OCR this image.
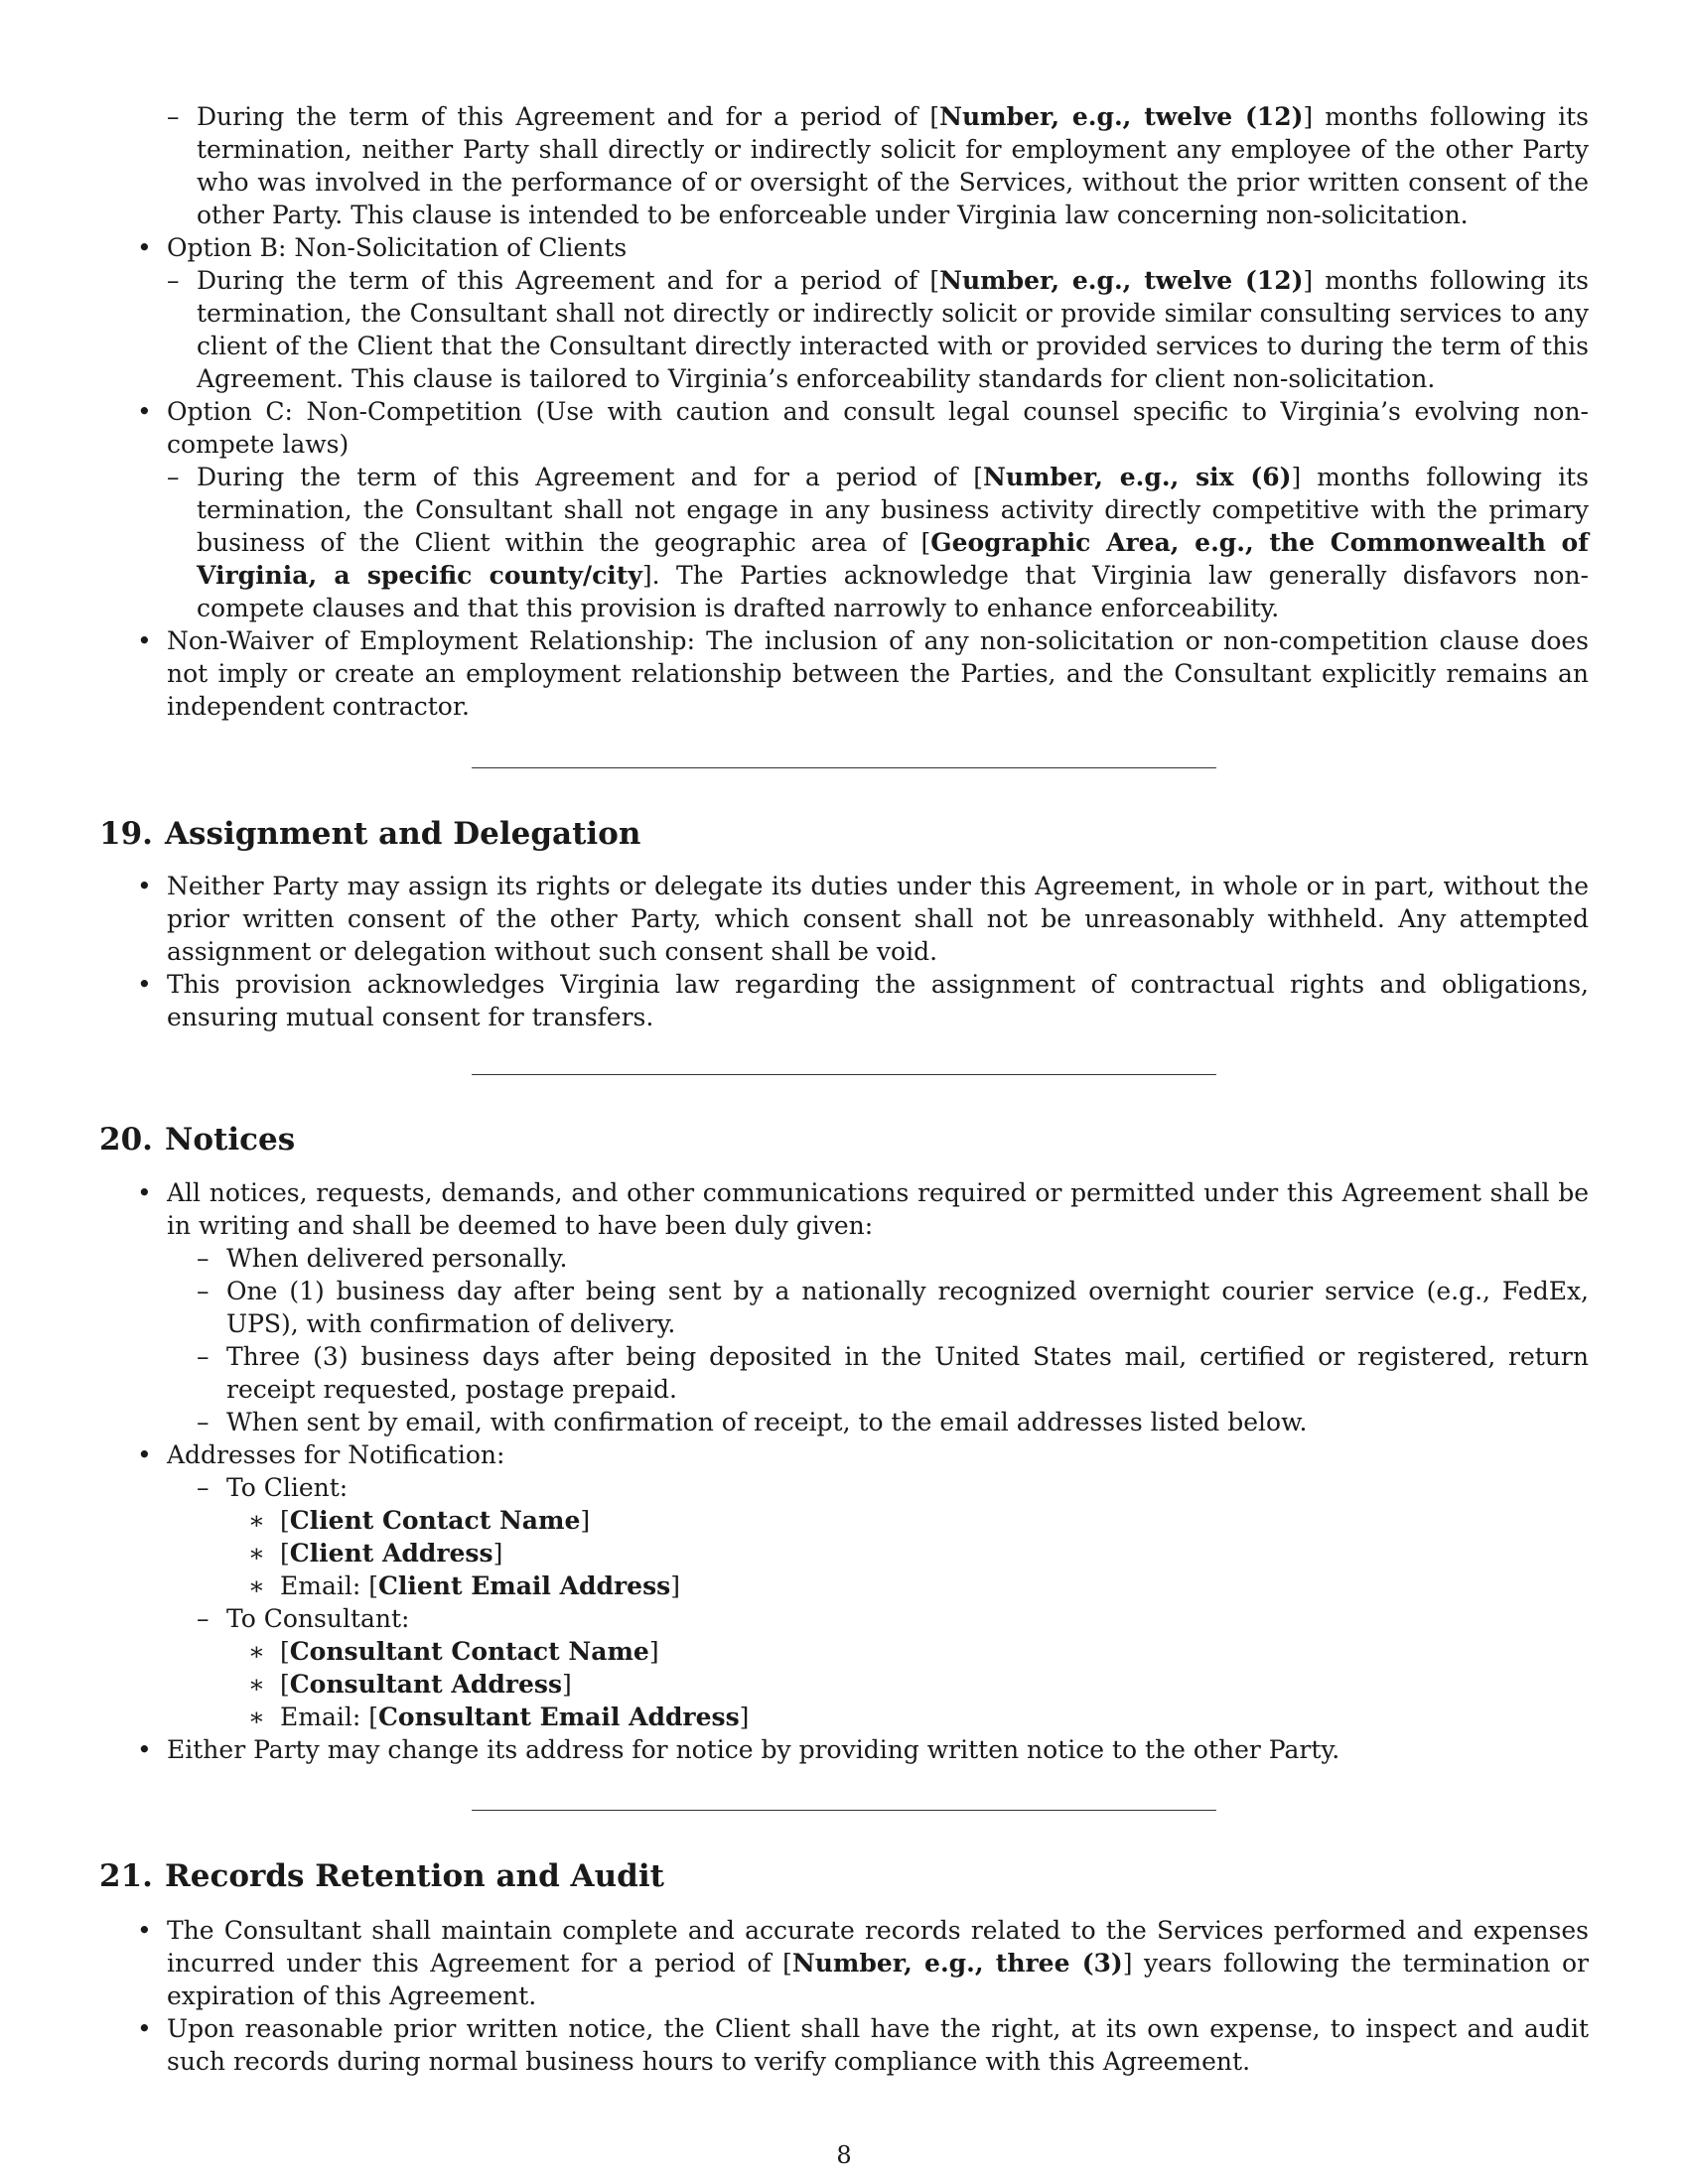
– During the term of this Agreement and for a period of [Number, e.g., twelve (12)] months following its termination, neither Party shall directly or indirectly solicit for employment any employee of the other Party who was involved in the performance of or oversight of the Services, without the prior written consent of the other Party. This clause is intended to be enforceable under Virginia law concerning non-solicitation.
• Option B: Non-Solicitation of Clients
– During the term of this Agreement and for a period of [Number, e.g., twelve (12)] months following its termination, the Consultant shall not directly or indirectly solicit or provide similar consulting services to any client of the Client that the Consultant directly interacted with or provided services to during the term of this Agreement. This clause is tailored to Virginia’s enforceability standards for client non-solicitation.
• Option C: Non-Competition (Use with caution and consult legal counsel specific to Virginia’s evolving non-compete laws)
– During the term of this Agreement and for a period of [Number, e.g., six (6)] months following its termination, the Consultant shall not engage in any business activity directly competitive with the primary business of the Client within the geographic area of [Geographic Area, e.g., the Commonwealth of Virginia, a specific county/city]. The Parties acknowledge that Virginia law generally disfavors non-compete clauses and that this provision is drafted narrowly to enhance enforceability.
• Non-Waiver of Employment Relationship: The inclusion of any non-solicitation or non-competition clause does not imply or create an employment relationship between the Parties, and the Consultant explicitly remains an independent contractor.
19. Assignment and Delegation
• Neither Party may assign its rights or delegate its duties under this Agreement, in whole or in part, without the prior written consent of the other Party, which consent shall not be unreasonably withheld. Any attempted assignment or delegation without such consent shall be void.
• This provision acknowledges Virginia law regarding the assignment of contractual rights and obligations, ensuring mutual consent for transfers.
20. Notices
• All notices, requests, demands, and other communications required or permitted under this Agreement shall be in writing and shall be deemed to have been duly given:
– When delivered personally.
– One (1) business day after being sent by a nationally recognized overnight courier service (e.g., FedEx, UPS), with confirmation of delivery.
– Three (3) business days after being deposited in the United States mail, certified or registered, return receipt requested, postage prepaid.
– When sent by email, with confirmation of receipt, to the email addresses listed below.
• Addresses for Notification:
– To Client:
∗ [Client Contact Name]
∗ [Client Address]
∗ Email: [Client Email Address]
– To Consultant:
∗ [Consultant Contact Name]
∗ [Consultant Address]
∗ Email: [Consultant Email Address]
• Either Party may change its address for notice by providing written notice to the other Party.
21. Records Retention and Audit
• The Consultant shall maintain complete and accurate records related to the Services performed and expenses incurred under this Agreement for a period of [Number, e.g., three (3)] years following the termination or expiration of this Agreement.
• Upon reasonable prior written notice, the Client shall have the right, at its own expense, to inspect and audit such records during normal business hours to verify compliance with this Agreement.
8
